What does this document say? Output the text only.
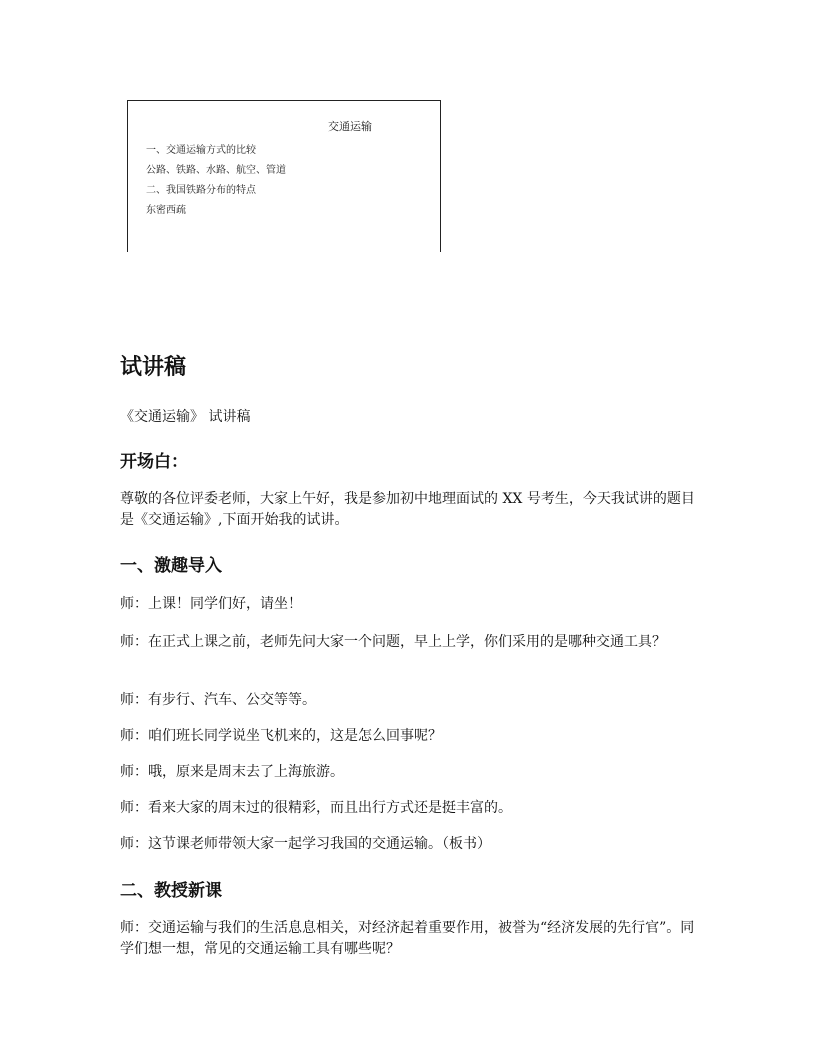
交通运输
一、交通运输方式的比较
公路、铁路、水路、航空、管道
二、我国铁路分布的特点
东密西疏
试讲稿

《交通运输》 试讲稿

开场白：

尊敬的各位评委老师，大家上午好，我是参加初中地理面试的 XX 号考生，今天我试讲的题目是《交通运输》,下面开始我的试讲。

一、激趣导入

师：上课！同学们好，请坐！

师：在正式上课之前，老师先问大家一个问题，早上上学，你们采用的是哪种交通工具？

师：有步行、汽车、公交等等。

师：咱们班长同学说坐飞机来的，这是怎么回事呢？

师：哦，原来是周末去了上海旅游。

师：看来大家的周末过的很精彩，而且出行方式还是挺丰富的。

师：这节课老师带领大家一起学习我国的交通运输。（板书）

二、教授新课

师：交通运输与我们的生活息息相关，对经济起着重要作用，被誉为“经济发展的先行官”。同学们想一想，常见的交通运输工具有哪些呢？
